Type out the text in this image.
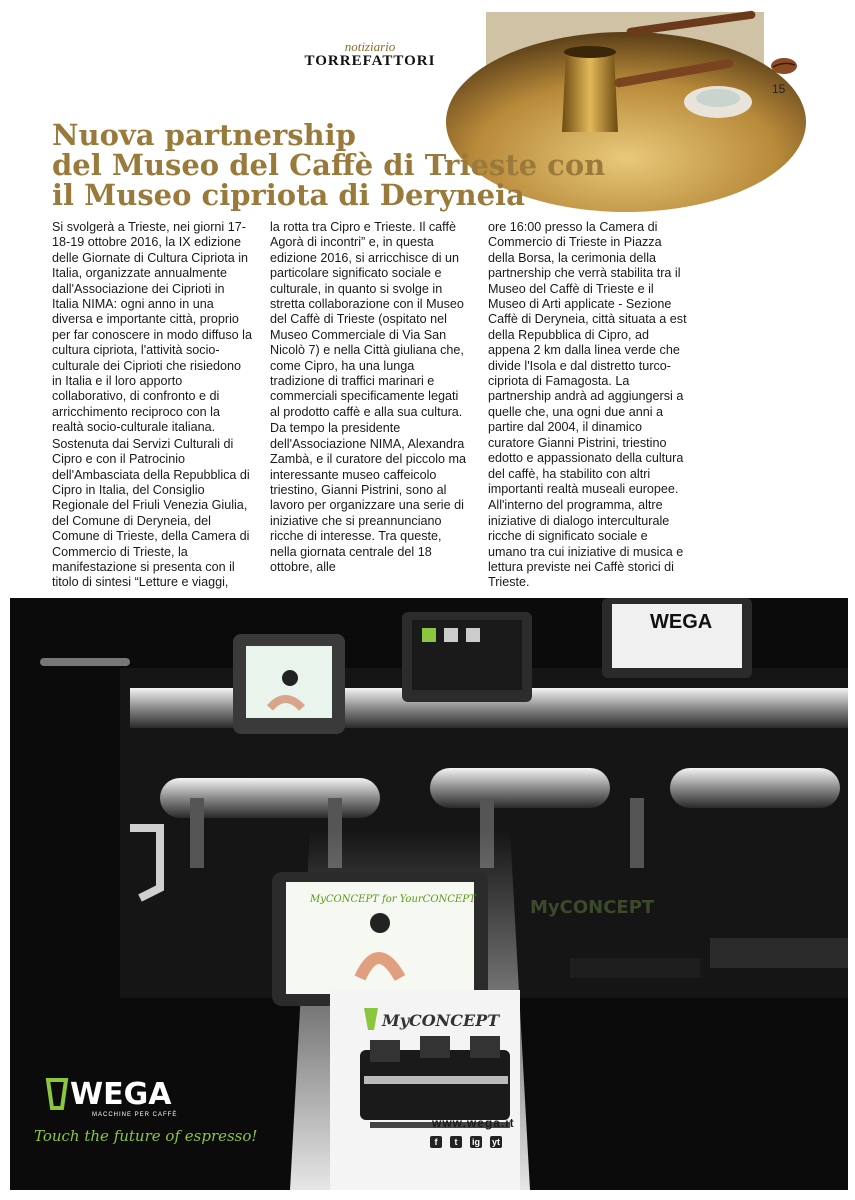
notiziario
TORREFATTORI
15
Nuova partnership
del Museo del Caffè di Trieste con
il Museo cipriota di Deryneia

Si svolgerà a Trieste, nei giorni 17-18-19 ottobre 2016, la IX edizione delle Giornate di Cultura Cipriota in Italia, organizzate annualmente dall'Associazione dei Ciprioti in Italia NIMA: ogni anno in una diversa e importante città, proprio per far conoscere in modo diffuso la cultura cipriota, l'attività socio-culturale dei Ciprioti che risiedono in Italia e il loro apporto collaborativo, di confronto e di arricchimento reciproco con la realtà socio-culturale italiana.

Sostenuta dai Servizi Culturali di Cipro e con il Patrocinio dell'Ambasciata della Repubblica di Cipro in Italia, del Consiglio Regionale del Friuli Venezia Giulia, del Comune di Deryneia, del Comune di Trieste, della Camera di Commercio di Trieste, la manifestazione si presenta con il titolo di sintesi “Letture e viaggi,

la rotta tra Cipro e Trieste. Il caffè Agorà di incontri” e, in questa edizione 2016, si arricchisce di un particolare significato sociale e culturale, in quanto si svolge in stretta collaborazione con il Museo del Caffè di Trieste (ospitato nel Museo Commerciale di Via San Nicolò 7) e nella Città giuliana che, come Cipro, ha una lunga tradizione di traffici marinari e commerciali specificamente legati al prodotto caffè e alla sua cultura.

Da tempo la presidente dell'Associazione NIMA, Alexandra Zambà, e il curatore del piccolo ma interessante museo caffeicolo triestino, Gianni Pistrini, sono al lavoro per organizzare una serie di iniziative che si preannunciano ricche di interesse. Tra queste, nella giornata centrale del 18 ottobre, alle

ore 16:00 presso la Camera di Commercio di Trieste in Piazza della Borsa, la cerimonia della partnership che verrà stabilita tra il Museo del Caffè di Trieste e il Museo di Arti applicate - Sezione Caffè di Deryneia, città situata a est della Repubblica di Cipro, ad appena 2 km dalla linea verde che divide l'Isola e dal distretto turco-cipriota di Famagosta. La partnership andrà ad aggiungersi a quelle che, una ogni due anni a partire dal 2004, il dinamico curatore Gianni Pistrini, triestino edotto e appassionato della cultura del caffè, ha stabilito con altri importanti realtà museali europee.

All'interno del programma, altre iniziative di dialogo interculturale ricche di significato sociale e umano tra cui iniziative di musica e lettura previste nei Caffè storici di Trieste.

WEGA
MyCONCEPT for YourCONCEPT	MyCONCEPT
MyCONCEPT
www.wega.it
f	t	ig yt
WEGA
MACCHINE PER CAFFÈ
Touch the future of espresso!
